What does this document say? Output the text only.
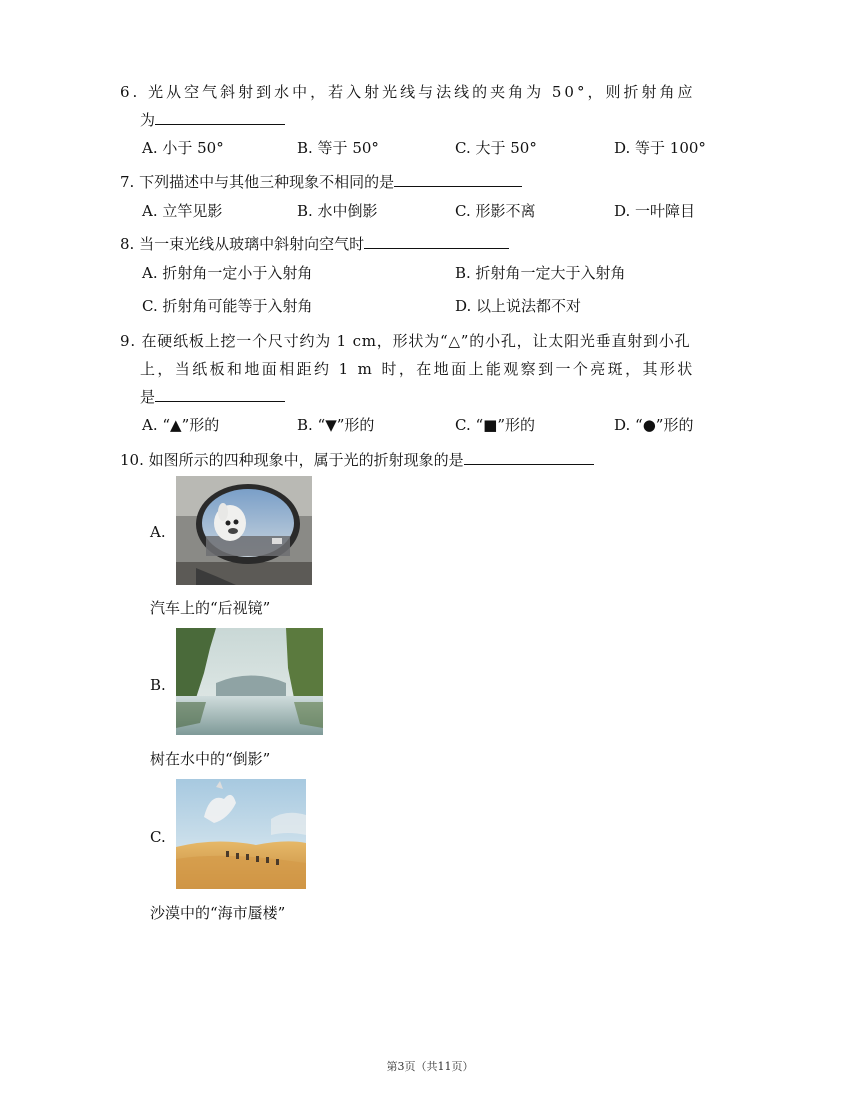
6. 光从空气斜射到水中，若入射光线与法线的夹角为 50°，则折射角应
为
A. 小于 50°	B. 等于 50°	C. 大于 50°	D. 等于 100°
7. 下列描述中与其他三种现象不相同的是
A. 立竿见影	B. 水中倒影	C. 形影不离	D. 一叶障目
8. 当一束光线从玻璃中斜射向空气时
A. 折射角一定小于入射角	B. 折射角一定大于入射角
C. 折射角可能等于入射角	D. 以上说法都不对
9. 在硬纸板上挖一个尺寸约为 1 cm，形状为“△”的小孔，让太阳光垂直射到小孔
上，当纸板和地面相距约 1 m 时，在地面上能观察到一个亮斑，其形状
是
A. “▲”形的	B. “▼”形的	C. “■”形的	D. “●”形的
10. 如图所示的四种现象中，属于光的折射现象的是
A.
汽车上的“后视镜”
B.
树在水中的“倒影”
C.
沙漠中的“海市蜃楼”
第3页（共11页）
